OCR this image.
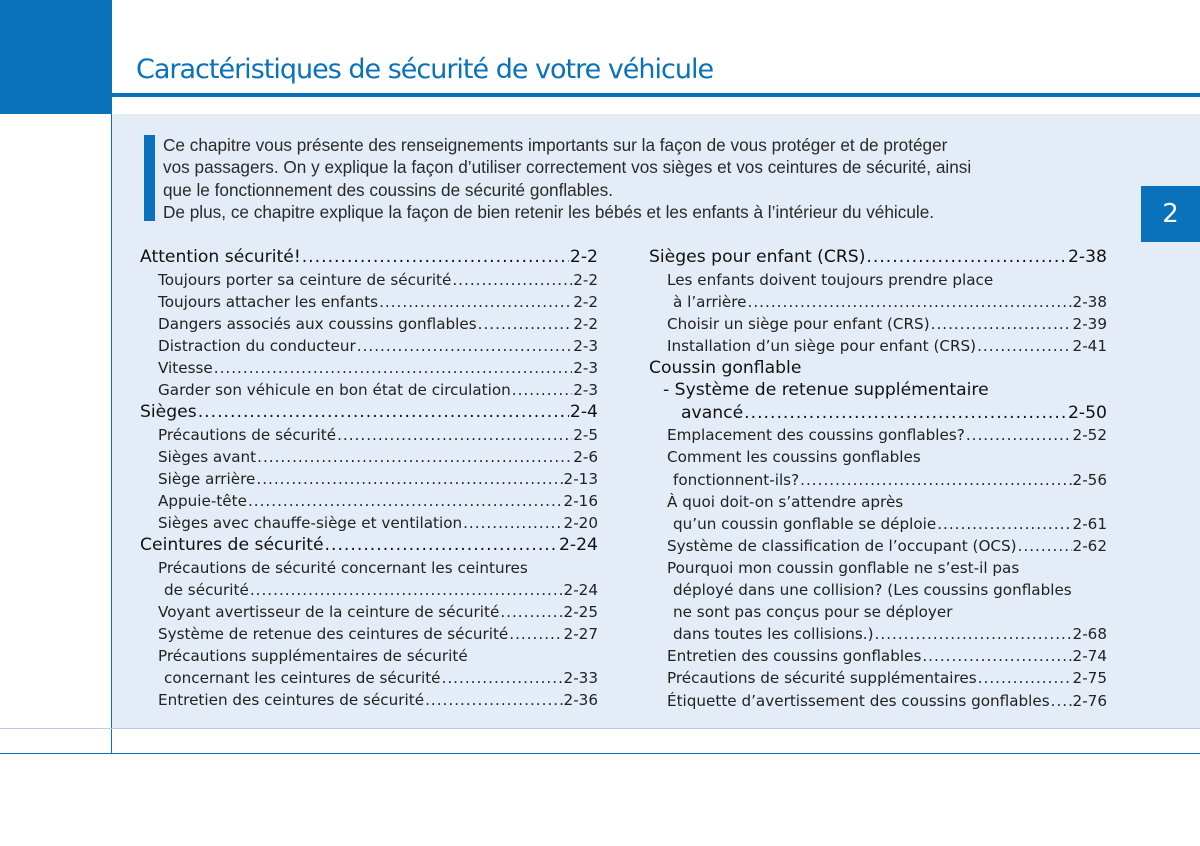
Caractéristiques de sécurité de votre véhicule
2

Ce chapitre vous présente des renseignements importants sur la façon de vous protéger et de protéger

vos passagers. On y explique la façon d’utiliser correctement vos sièges et vos ceintures de sécurité, ainsi

que le fonctionnement des coussins de sécurité gonflables.

De plus, ce chapitre explique la façon de bien retenir les bébés et les enfants à l’intérieur du véhicule.

Attention sécurité! .....	2-2
Toujours porter sa ceinture de sécurité .....	2-2
Toujours attacher les enfants .....	2-2
Dangers associés aux coussins gonflables .....	2-2
Distraction du conducteur .....	2-3
Vitesse .....	2-3
Garder son véhicule en bon état de circulation .....	2-3
Sièges .....	2-4
Précautions de sécurité .....	2-5
Sièges avant .....	2-6
Siège arrière .....	2-13
Appuie-tête .....	2-16
Sièges avec chauffe-siège et ventilation .....	2-20
Ceintures de sécurité .....	2-24
Précautions de sécurité concernant les ceintures
de sécurité .....	2-24
Voyant avertisseur de la ceinture de sécurité .....	2-25
Système de retenue des ceintures de sécurité .....	2-27
Précautions supplémentaires de sécurité
concernant les ceintures de sécurité .....	2-33
Entretien des ceintures de sécurité .....	2-36
Sièges pour enfant (CRS) .....	2-38
Les enfants doivent toujours prendre place
à l’arrière .....	2-38
Choisir un siège pour enfant (CRS) .....	2-39
Installation d’un siège pour enfant (CRS) .....	2-41
Coussin gonflable
- Système de retenue supplémentaire
avancé .....	2-50
Emplacement des coussins gonflables? .....	2-52
Comment les coussins gonflables
fonctionnent-ils? .....	2-56
À quoi doit-on s’attendre après
qu’un coussin gonflable se déploie .....	2-61
Système de classification de l’occupant (OCS) .....	2-62
Pourquoi mon coussin gonflable ne s’est-il pas
déployé dans une collision? (Les coussins gonflables
ne sont pas conçus pour se déployer
dans toutes les collisions.) .....	2-68
Entretien des coussins gonflables .....	2-74
Précautions de sécurité supplémentaires .....	2-75
Étiquette d’avertissement des coussins gonflables ..... 2-76
